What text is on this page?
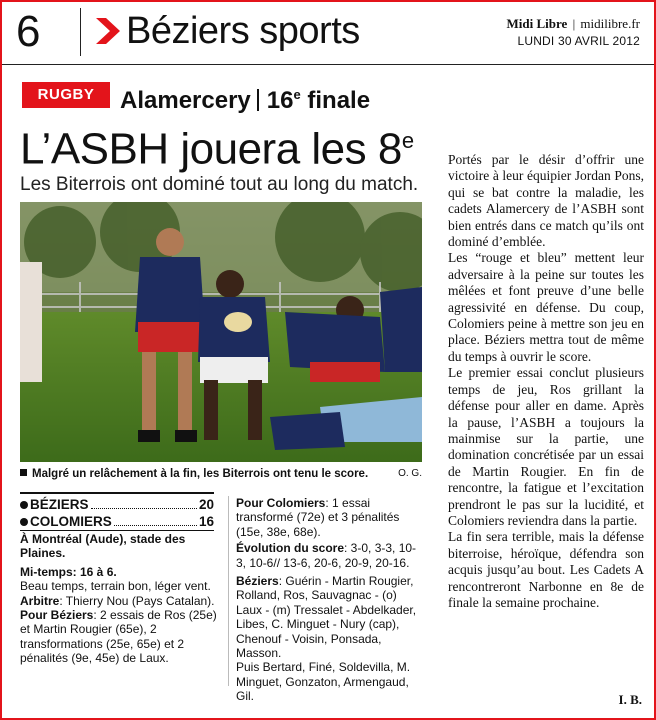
6 Béziers sports	Midi Libre | midilibre.fr
LUNDI 30 AVRIL 2012
RUGBY	Alamercery 16e finale
L’ASBH jouera les 8e
Les Biterrois ont dominé tout au long du match.
Malgré un relâchement à la fin, les Biterrois ont tenu le score.	O. G.
BÉZIERS	20
COLOMIERS	16

À Montréal (Aude), stade des Plaines.

Mi-temps: 16 à 6.

Beau temps, terrain bon, léger vent.

Arbitre: Thierry Nou (Pays Catalan).

Pour Béziers: 2 essais de Ros (25e) et Martin Rougier (65e), 2 transformations (25e, 65e) et 2 pénalités (9e, 45e) de Laux.

Pour Colomiers: 1 essai transformé (72e) et 3 pénalités (15e, 38e, 68e).

Évolution du score: 3-0, 3-3, 10-3, 10-6// 13-6, 20-6, 20-9, 20-16.

Béziers: Guérin - Martin Rougier, Rolland, Ros, Sauvagnac - (o) Laux - (m) Tressalet - Abdelkader, Libes, C. Minguet - Nury (cap), Chenouf - Voisin, Ponsada, Masson.

Puis Bertard, Finé, Soldevilla, M. Minguet, Gonzaton, Armengaud, Gil.

Portés par le désir d’offrir une victoire à leur équipier Jordan Pons, qui se bat contre la maladie, les cadets Alamercery de l’ASBH sont bien entrés dans ce match qu’ils ont dominé d’emblée.

Les “rouge et bleu” mettent leur adversaire à la peine sur toutes les mêlées et font preuve d’une belle agressivité en défense. Du coup, Colomiers peine à mettre son jeu en place. Béziers mettra tout de même du temps à ouvrir le score.

Le premier essai conclut plusieurs temps de jeu, Ros grillant la défense pour aller en dame. Après la pause, l’ASBH a toujours la mainmise sur la partie, une domination concrétisée par un essai de Martin Rougier. En fin de rencontre, la fatigue et l’excitation prendront le pas sur la lucidité, et Colomiers reviendra dans la partie.

La fin sera terrible, mais la défense biterroise, héroïque, défendra son acquis jusqu’au bout. Les Cadets A rencontreront Narbonne en 8e de finale la semaine prochaine.

I. B.
